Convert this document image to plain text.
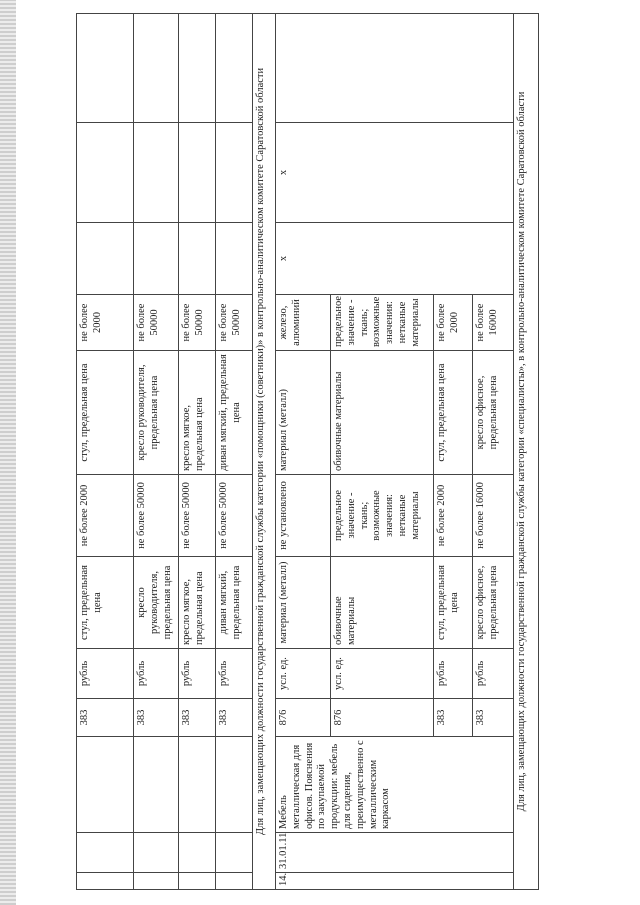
			383	рубль	стул, предельная цена	не более 2000	стул, предельная цена	не более 2000			
			383	рубль	кресло руководителя, предельная цена	не более 50000	кресло руководителя, предельная цена	не более 50000			
			383	рубль	кресло мягкое, предельная цена	не более 50000	кресло мягкое, предельная цена	не более 50000			
			383	рубль	диван мягкий, предельная цена	не более 50000	диван мягкий, предельная цена	не более 50000			
Для лиц, замещающих должности государственной гражданской службы категории «помощники (советники)» в контрольно-аналитическом комитете Саратовской области											
14.	31.01.11	Мебель металлическая для офисов. Пояснения по закупаемой продукции: мебель для сидения, преимущественно с металлическим каркасом	876	усл. ед.	материал (металл)	не установлено	материал (металл)	железо, алюминий	х	х	
			876	усл. ед.	обивочные материалы	предельное значение - ткань; возможные значения: нетканые материалы	обивочные материалы	предельное значение - ткань; возможные значения: нетканые материалы			
			383	рубль	стул, предельная цена	не более 2000	стул, предельная цена	не более 2000			
			383	рубль	кресло офисное, предельная цена	не более 16000	кресло офисное, предельная цена	не более 16000			
Для лиц, замещающих должности государственной гражданской службы категории «специалисты», в контрольно-аналитическом комитете Саратовской области											
